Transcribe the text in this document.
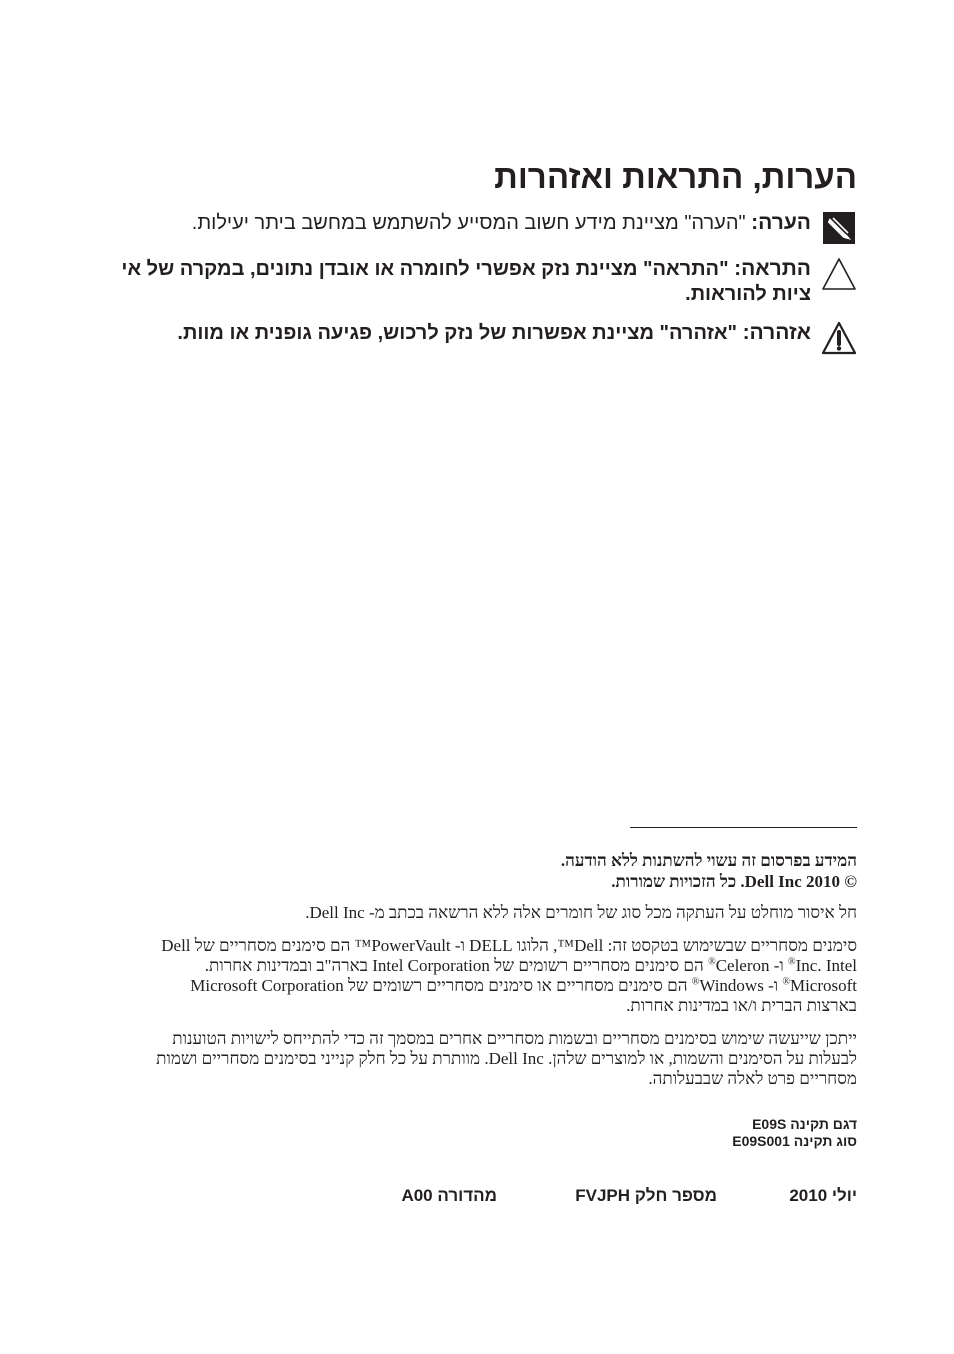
הערות, התראות ואזהרות
הערה: "הערה" מציינת מידע חשוב המסייע להשתמש במחשב ביתר יעילות.
התראה: "התראה" מציינת נזק אפשרי לחומרה או אובדן נתונים, במקרה של אי ציות להוראות.
אזהרה: "אזהרה" מציינת אפשרות של נזק לרכוש, פגיעה גופנית או מוות.
המידע בפרסום זה עשוי להשתנות ללא הודעה.
© 2010 Dell Inc. כל הזכויות שמורות.
חל איסור מוחלט על העתקה מכל סוג של חומרים אלה ללא הרשאה בכתב מ- Dell Inc.
סימנים מסחריים שבשימוש בטקסט זה: Dell™, הלוגו DELL ו- PowerVault™ הם סימנים מסחריים של Dell Inc. Intel® ו- Celeron® הם סימנים מסחריים רשומים של Intel Corporation בארה"ב ובמדינות אחרות. Microsoft® ו- Windows® הם סימנים מסחריים או סימנים מסחריים רשומים של Microsoft Corporation בארצות הברית ו/או במדינות אחרות.
ייתכן שייעשה שימוש בסימנים מסחריים ובשמות מסחריים אחרים במסמך זה כדי להתייחס לישויות הטוענות לבעלות על הסימנים והשמות, או למוצרים שלהן. Dell Inc. מוותרת על כל חלק קנייני בסימנים מסחריים ושמות מסחריים פרט לאלה שבבעלותה.
דגם תקינה E09S
סוג תקינה E09S001
יולי 2010
מספר חלק FVJPH
מהדורה A00
